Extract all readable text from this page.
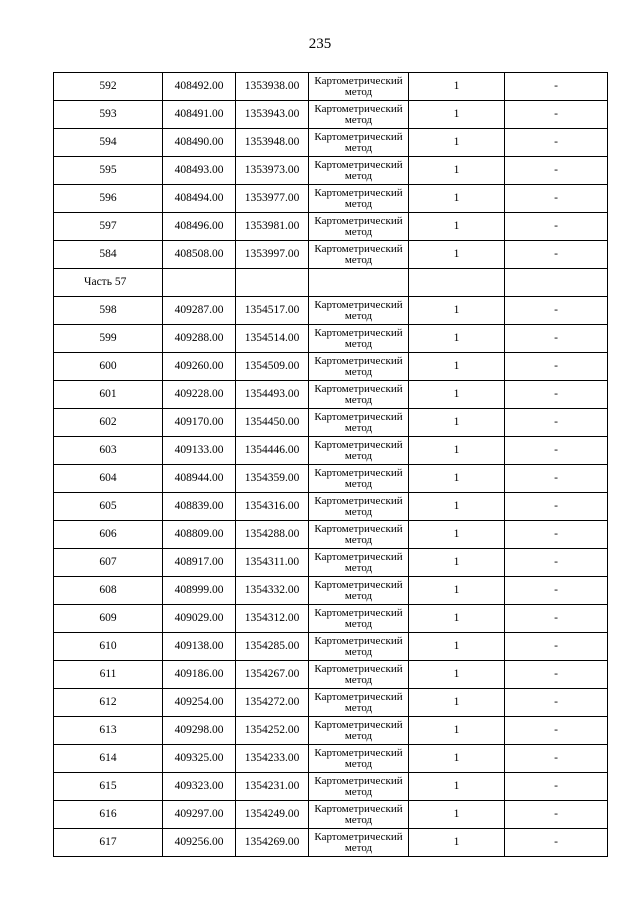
235
592	408492.00	1353938.00	Картометрический
метод	1	-
593	408491.00	1353943.00	Картометрический
метод	1	-
594	408490.00	1353948.00	Картометрический
метод	1	-
595	408493.00	1353973.00	Картометрический
метод	1	-
596	408494.00	1353977.00	Картометрический
метод	1	-
597	408496.00	1353981.00	Картометрический
метод	1	-
584	408508.00	1353997.00	Картометрический
метод	1	-
Часть 57					
598	409287.00	1354517.00	Картометрический
метод	1	-
599	409288.00	1354514.00	Картометрический
метод	1	-
600	409260.00	1354509.00	Картометрический
метод	1	-
601	409228.00	1354493.00	Картометрический
метод	1	-
602	409170.00	1354450.00	Картометрический
метод	1	-
603	409133.00	1354446.00	Картометрический
метод	1	-
604	408944.00	1354359.00	Картометрический
метод	1	-
605	408839.00	1354316.00	Картометрический
метод	1	-
606	408809.00	1354288.00	Картометрический
метод	1	-
607	408917.00	1354311.00	Картометрический
метод	1	-
608	408999.00	1354332.00	Картометрический
метод	1	-
609	409029.00	1354312.00	Картометрический
метод	1	-
610	409138.00	1354285.00	Картометрический
метод	1	-
611	409186.00	1354267.00	Картометрический
метод	1	-
612	409254.00	1354272.00	Картометрический
метод	1	-
613	409298.00	1354252.00	Картометрический
метод	1	-
614	409325.00	1354233.00	Картометрический
метод	1	-
615	409323.00	1354231.00	Картометрический
метод	1	-
616	409297.00	1354249.00	Картометрический
метод	1	-
617	409256.00	1354269.00	Картометрический
метод	1	-
